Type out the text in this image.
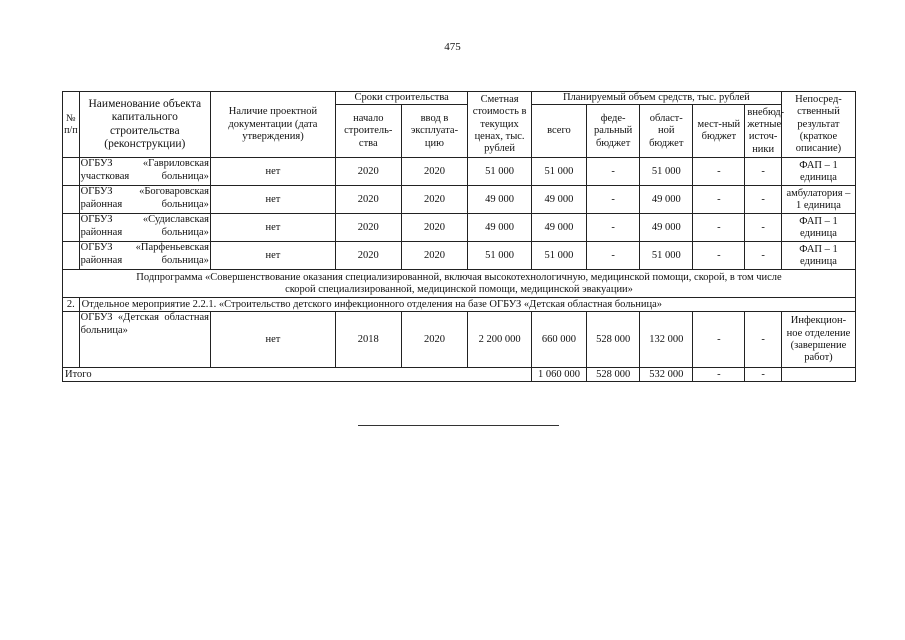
475
№ п/п	Наименование объекта капитального строительства (реконструкции)	Наличие проектной документации (дата утверждения)	Сроки строительства		Сметная стоимость в текущих ценах, тыс. рублей	Планируемый объем средств, тыс. рублей					Непосред-ственный результат (краткое описание)
			начало строитель-ства	ввод в эксплуата-цию		всего	феде-ральный бюджет	област-ной бюджет	мест-ный бюджет	внебюд-жетные источ-ники	
	ОГБУЗ «Гавриловская участковая больница»	нет	2020	2020	51 000	51 000	-	51 000	-	-	ФАП – 1 единица
	ОГБУЗ «Боговаровская районная больница»	нет	2020	2020	49 000	49 000	-	49 000	-	-	амбулатория – 1 единица
	ОГБУЗ «Судиславская районная больница»	нет	2020	2020	49 000	49 000	-	49 000	-	-	ФАП – 1 единица
	ОГБУЗ «Парфеньевская районная больница»	нет	2020	2020	51 000	51 000	-	51 000	-	-	ФАП – 1 единица
Подпрограмма «Совершенствование оказания специализированной, включая высокотехнологичную, медицинской помощи, скорой, в том числе скорой специализированной, медицинской помощи, медицинской эвакуации»											
2.	Отдельное мероприятие 2.2.1. «Строительство детского инфекционного отделения на базе ОГБУЗ «Детская областная больница»										
	ОГБУЗ «Детская областная больница»	нет	2018	2020	2 200 000	660 000	528 000	132 000	-	-	Инфекцион-ное отделение (завершение работ)
Итого						1 060 000	528 000	532 000	-	-	
